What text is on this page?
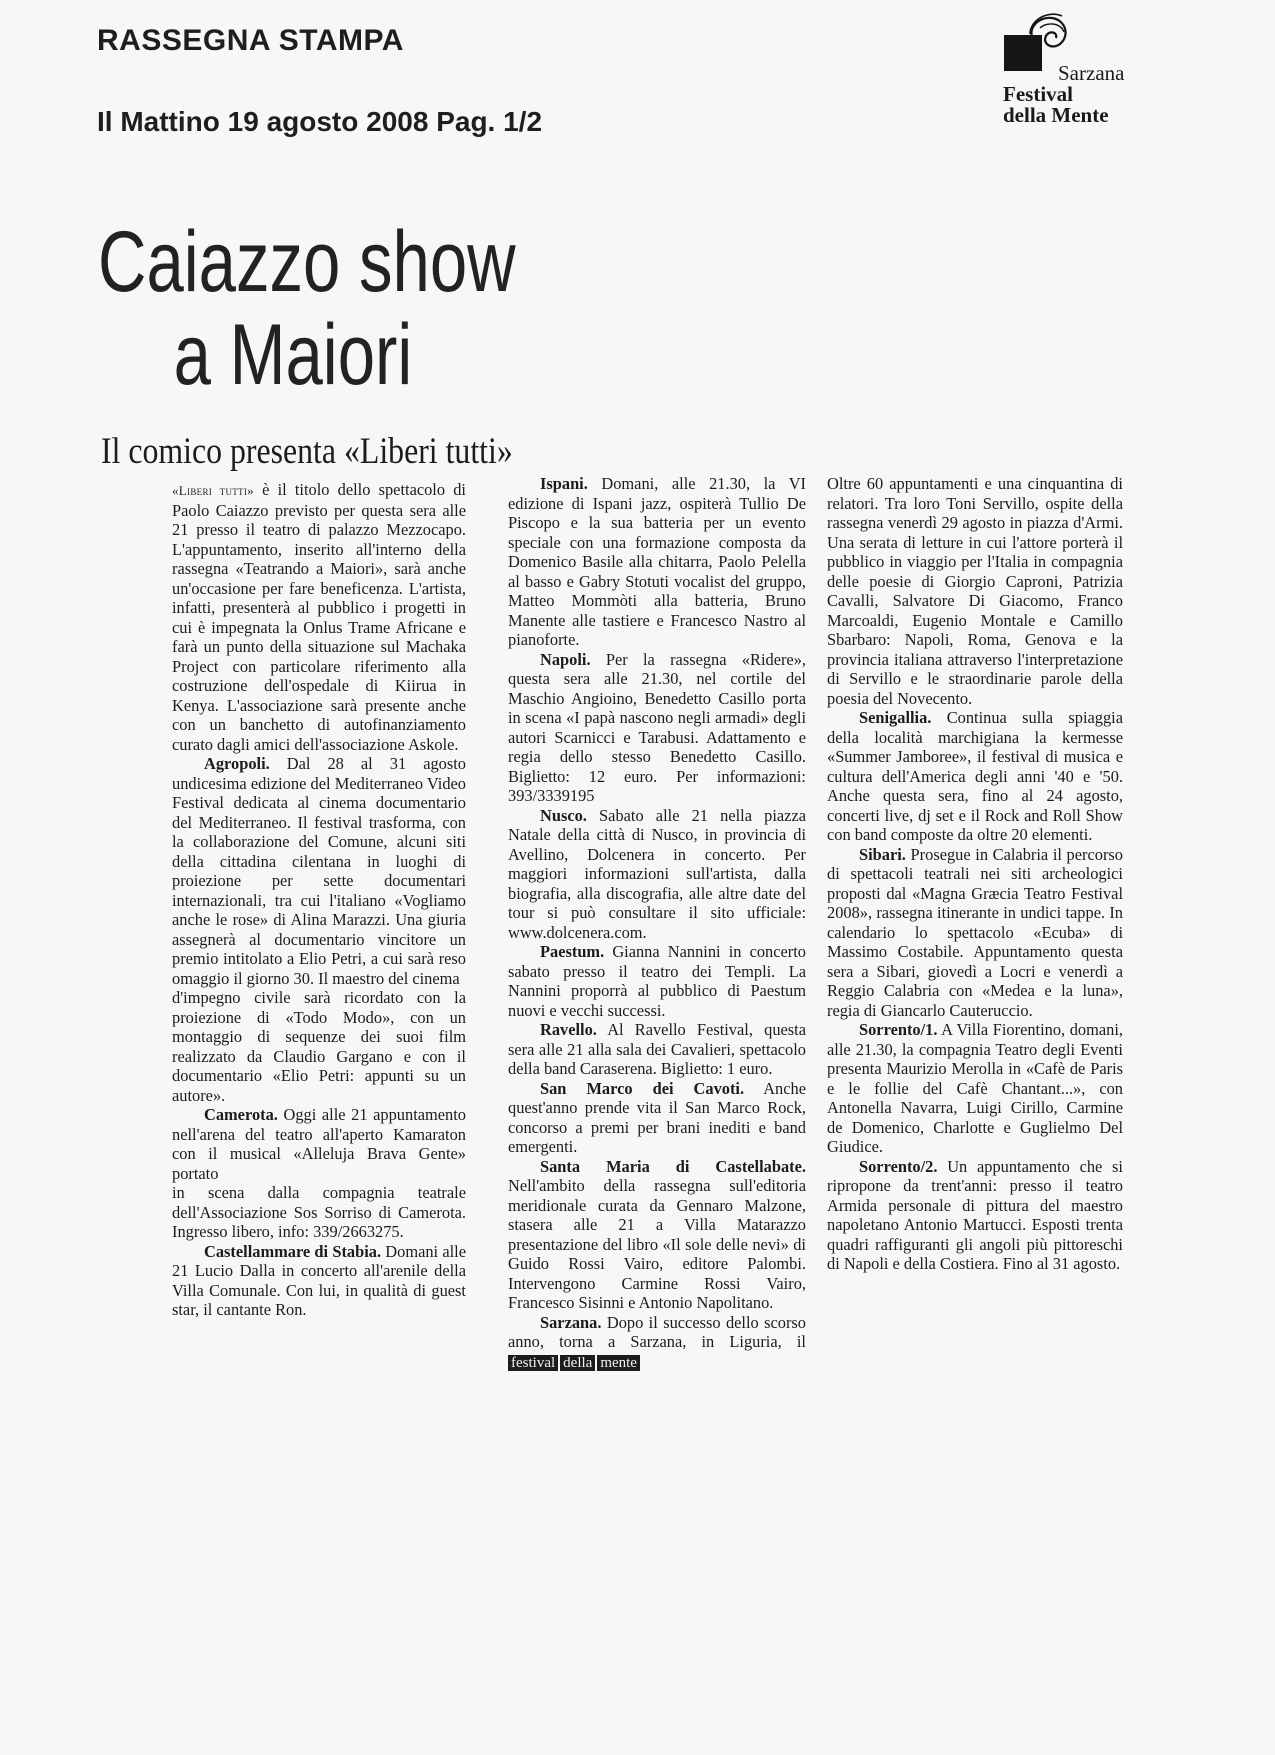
RASSEGNA STAMPA
Il Mattino 19 agosto 2008 Pag. 1/2
Sarzana
Festival
della Mente
Caiazzo show
a Maiori
Il comico presenta «Liberi tutti»

«Liberi tutti» è il titolo dello spettacolo di Paolo Caiazzo previsto per questa sera alle 21 presso il teatro di palazzo Mezzocapo. L'appuntamento, inserito all'interno della rassegna «Teatrando a Maiori», sarà anche un'occasione per fare beneficenza. L'artista, infatti, presenterà al pubblico i progetti in cui è impegnata la Onlus Trame Africane e farà un punto della situazione sul Machaka Project con particolare riferimento alla costruzione dell'ospedale di Kiirua in Kenya. L'associazione sarà presente anche con un banchetto di autofinanziamento curato dagli amici dell'associazione Askole.

Agropoli. Dal 28 al 31 agosto undicesima edizione del Mediterraneo Video Festival dedicata al cinema documentario del Mediterraneo. Il festival trasforma, con la collaborazione del Comune, alcuni siti della cittadina cilentana in luoghi di proiezione per sette documentari internazionali, tra cui l'italiano «Vogliamo anche le rose» di Alina Marazzi. Una giuria assegnerà al documentario vincitore un premio intitolato a Elio Petri, a cui sarà reso omaggio il giorno 30. Il maestro del cinema

d'impegno civile sarà ricordato con la proiezione di «Todo Modo», con un montaggio di sequenze dei suoi film realizzato da Claudio Gargano e con il documentario «Elio Petri: appunti su un autore».

Camerota. Oggi alle 21 appuntamento nell'arena del teatro all'aperto Kamaraton con il musical «Alleluja Brava Gente» portato

in scena dalla compagnia teatrale dell'Associazione Sos Sorriso di Camerota. Ingresso libero, info: 339/2663275.

Castellammare di Stabia. Domani alle 21 Lucio Dalla in concerto all'arenile della Villa Comunale. Con lui, in qualità di guest star, il cantante Ron.

Ispani. Domani, alle 21.30, la VI edizione di Ispani jazz, ospiterà Tullio De Piscopo e la sua batteria per un evento speciale con una formazione composta da Domenico Basile alla chitarra, Paolo Pelella al basso e Gabry Stotuti vocalist del gruppo, Matteo Mommòti alla batteria, Bruno Manente alle tastiere e Francesco Nastro al pianoforte.

Napoli. Per la rassegna «Ridere», questa sera alle 21.30, nel cortile del Maschio Angioino, Benedetto Casillo porta in scena «I papà nascono negli armadi» degli autori Scarnicci e Tarabusi. Adattamento e regia dello stesso Benedetto Casillo. Biglietto: 12 euro. Per informazioni: 393/3339195

Nusco. Sabato alle 21 nella piazza Natale della città di Nusco, in provincia di Avellino, Dolcenera in concerto. Per maggiori informazioni sull'artista, dalla biografia, alla discografia, alle altre date del tour si può consultare il sito ufficiale: www.dolcenera.com.

Paestum. Gianna Nannini in concerto sabato presso il teatro dei Templi. La Nannini proporrà al pubblico di Paestum nuovi e vecchi successi.

Ravello. Al Ravello Festival, questa sera alle 21 alla sala dei Cavalieri, spettacolo della band Caraserena. Biglietto: 1 euro.

San Marco dei Cavoti. Anche quest'anno prende vita il San Marco Rock, concorso a premi per brani inediti e band emergenti.

Santa Maria di Castellabate. Nell'ambito della rassegna sull'editoria meridionale curata da Gennaro Malzone, stasera alle 21 a Villa Matarazzo presentazione del libro «Il sole delle nevi» di Guido Rossi Vairo, editore Palombi. Intervengono Carmine Rossi Vairo, Francesco Sisinni e Antonio Napolitano.

Sarzana. Dopo il successo dello scorso anno, torna a Sarzana, in Liguria, il festival della mente

Oltre 60 appuntamenti e una cinquantina di relatori. Tra loro Toni Servillo, ospite della rassegna venerdì 29 agosto in piazza d'Armi. Una serata di letture in cui l'attore porterà il pubblico in viaggio per l'Italia in compagnia delle poesie di Giorgio Caproni, Patrizia Cavalli, Salvatore Di Giacomo, Franco Marcoaldi, Eugenio Montale e Camillo Sbarbaro: Napoli, Roma, Genova e la provincia italiana attraverso l'interpretazione di Servillo e le straordinarie parole della poesia del Novecento.

Senigallia. Continua sulla spiaggia della località marchigiana la kermesse «Summer Jamboree», il festival di musica e cultura dell'America degli anni '40 e '50. Anche questa sera, fino al 24 agosto, concerti live, dj set e il Rock and Roll Show con band composte da oltre 20 elementi.

Sibari. Prosegue in Calabria il percorso di spettacoli teatrali nei siti archeologici proposti dal «Magna Græcia Teatro Festival 2008», rassegna itinerante in undici tappe. In calendario lo spettacolo «Ecuba» di Massimo Costabile. Appuntamento questa sera a Sibari, giovedì a Locri e venerdì a Reggio Calabria con «Medea e la luna», regia di Giancarlo Cauteruccio.

Sorrento/1. A Villa Fiorentino, domani, alle 21.30, la compagnia Teatro degli Eventi presenta Maurizio Merolla in «Cafè de Paris e le follie del Cafè Chantant...», con Antonella Navarra, Luigi Cirillo, Carmine de Domenico, Charlotte e Guglielmo Del Giudice.

Sorrento/2. Un appuntamento che si ripropone da trent'anni: presso il teatro Armida personale di pittura del maestro napoletano Antonio Martucci. Esposti trenta quadri raffiguranti gli angoli più pittoreschi di Napoli e della Costiera. Fino al 31 agosto.
